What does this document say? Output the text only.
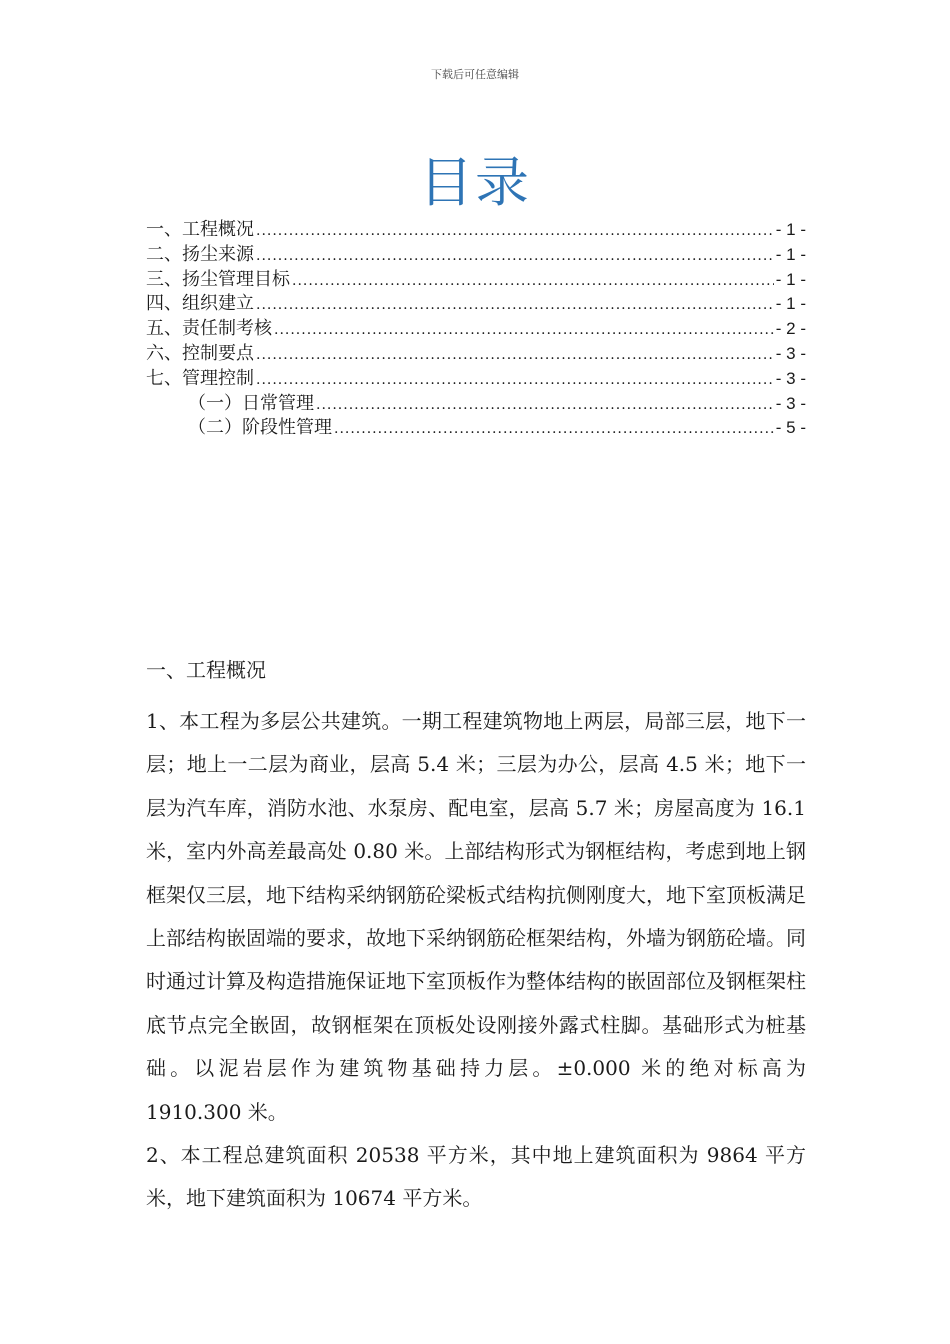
下载后可任意编辑
目录
一、工程概况 .....	- 1 -
二、扬尘来源 .....	- 1 -
三、扬尘管理目标 .....	- 1 -
四、组织建立 .....	- 1 -
五、责任制考核 .....	- 2 -
六、控制要点 .....	- 3 -
七、管理控制 .....	- 3 -
（一）日常管理 .....	- 3 -
（二）阶段性管理 .....	- 5 -
一、工程概况

1、本工程为多层公共建筑。一期工程建筑物地上两层，局部三层，地下一层；地上一二层为商业，层高 5.4 米；三层为办公，层高 4.5 米；地下一层为汽车库，消防水池、水泵房、配电室，层高 5.7 米；房屋高度为 16.1 米，室内外高差最高处 0.80 米。上部结构形式为钢框结构，考虑到地上钢框架仅三层，地下结构采纳钢筋砼梁板式结构抗侧刚度大，地下室顶板满足上部结构嵌固端的要求，故地下采纳钢筋砼框架结构，外墙为钢筋砼墙。同时通过计算及构造措施保证地下室顶板作为整体结构的嵌固部位及钢框架柱底节点完全嵌固，故钢框架在顶板处设刚接外露式柱脚。基础形式为桩基础。以泥岩层作为建筑物基础持力层。±0.000 米的绝对标高为 1910.300 米。

2、本工程总建筑面积 20538 平方米，其中地上建筑面积为 9864 平方米，地下建筑面积为 10674 平方米。
